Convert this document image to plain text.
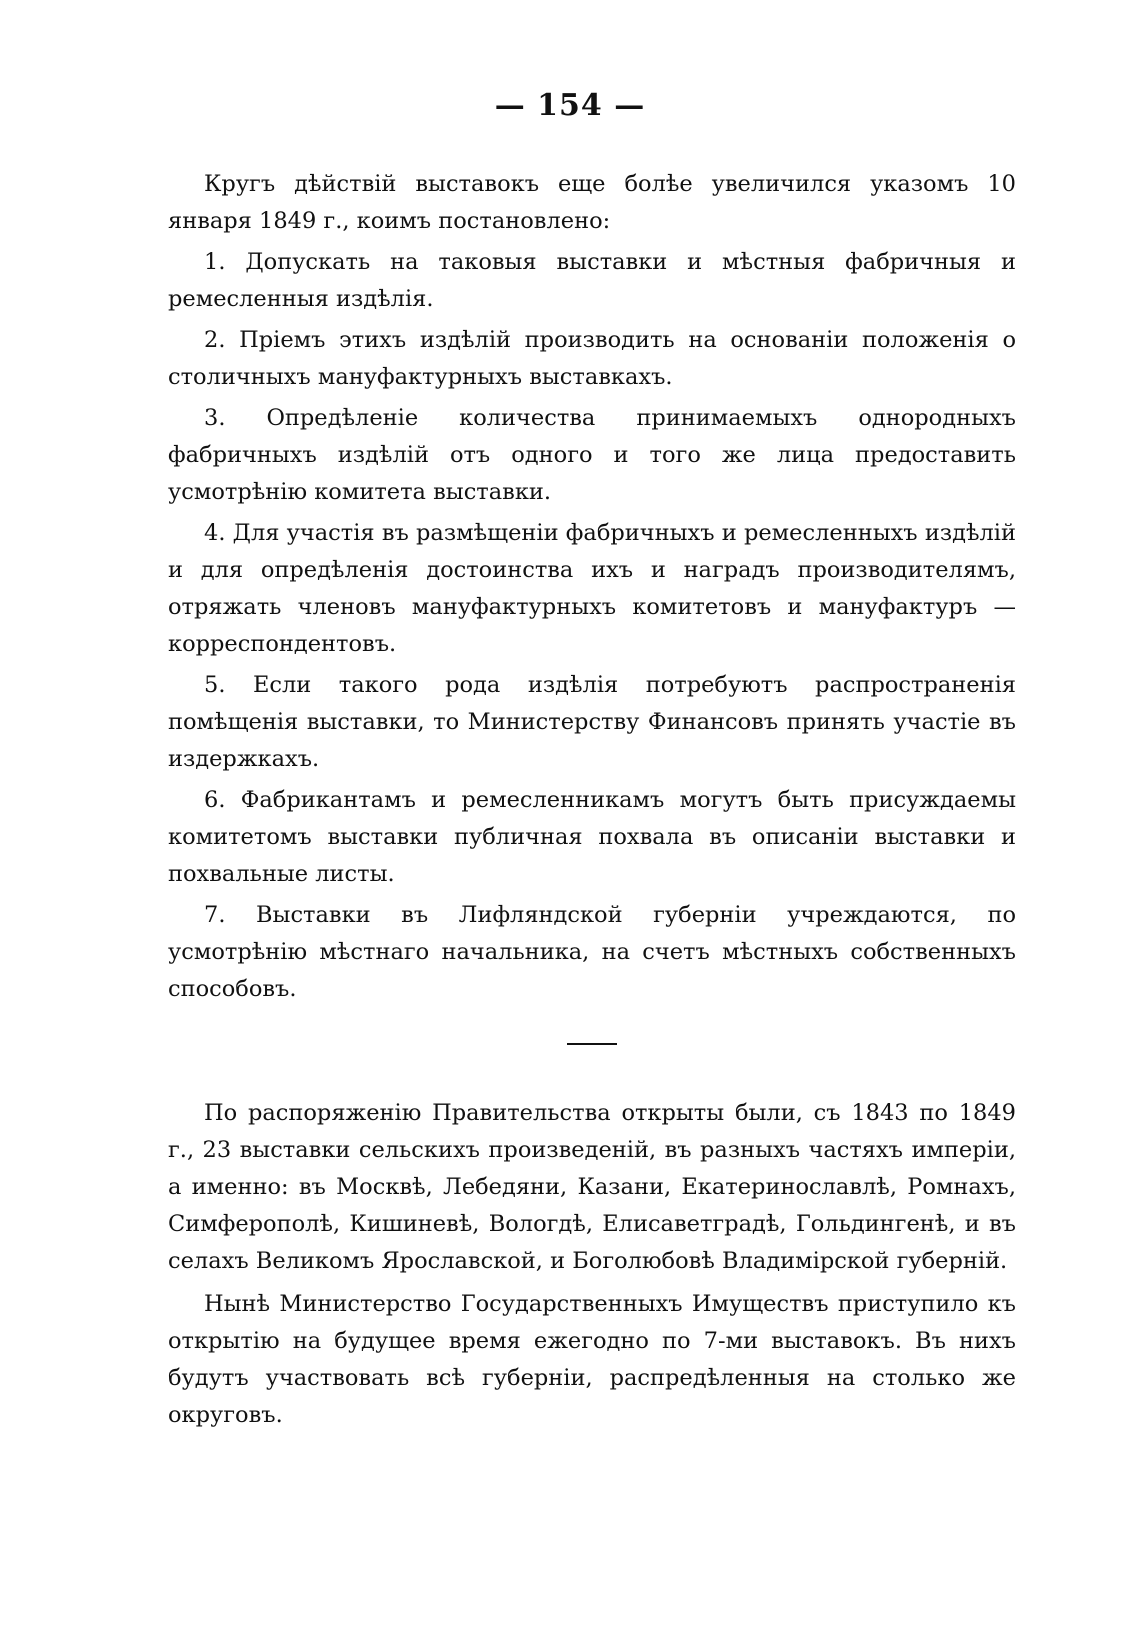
— 154 —

Кругъ дѣйствій выставокъ еще болѣе увеличился указомъ 10 января 1849 г., коимъ постановлено:

1. Допускать на таковыя выставки и мѣстныя фабричныя и ремесленныя издѣлія.

2. Пріемъ этихъ издѣлій производить на основаніи положенія о столичныхъ мануфактурныхъ выставкахъ.

3. Опредѣленіе количества принимаемыхъ однородныхъ фабричныхъ издѣлій отъ одного и того же лица предоставить усмотрѣнію комитета выставки.

4. Для участія въ размѣщеніи фабричныхъ и ремесленныхъ издѣлій и для опредѣленія достоинства ихъ и наградъ производителямъ, отряжать членовъ мануфактурныхъ комитетовъ и мануфактуръ — корреспондентовъ.

5. Если такого рода издѣлія потребуютъ распространенія помѣщенія выставки, то Министерству Финансовъ принять участіе въ издержкахъ.

6. Фабрикантамъ и ремесленникамъ могутъ быть присуждаемы комитетомъ выставки публичная похвала въ описаніи выставки и похвальные листы.

7. Выставки въ Лифляндской губерніи учреждаются, по усмотрѣнію мѣстнаго начальника, на счетъ мѣстныхъ собственныхъ способовъ.

По распоряженію Правительства открыты были, съ 1843 по 1849 г., 23 выставки сельскихъ произведеній, въ разныхъ частяхъ имперіи, а именно: въ Москвѣ, Лебедяни, Казани, Екатеринославлѣ, Ромнахъ, Симферополѣ, Кишиневѣ, Вологдѣ, Елисаветградѣ, Гольдингенѣ, и въ селахъ Великомъ Ярославской, и Боголюбовѣ Владимірской губерній.

Нынѣ Министерство Государственныхъ Имуществъ приступило къ открытію на будущее время ежегодно по 7-ми выставокъ. Въ нихъ будутъ участвовать всѣ губерніи, распредѣленныя на столько же округовъ.
